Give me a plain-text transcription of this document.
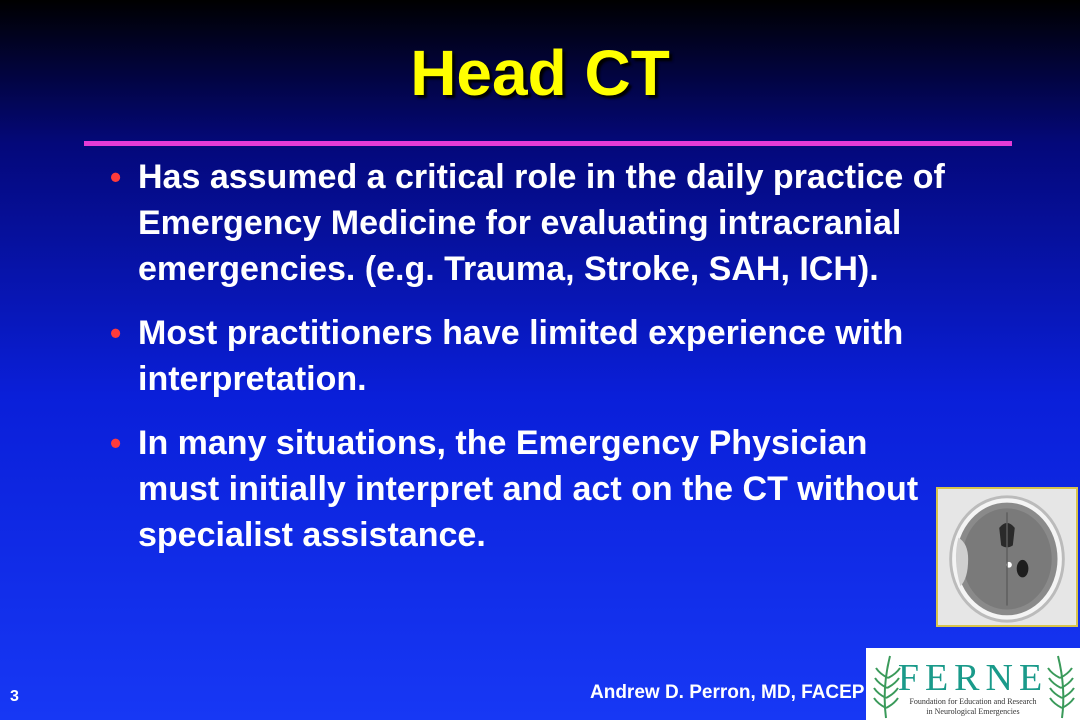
Head CT
• Has assumed a critical role in the daily practice of Emergency Medicine for evaluating intracranial emergencies. (e.g. Trauma, Stroke, SAH, ICH).
• Most practitioners have limited experience with interpretation.
• In many situations, the Emergency Physician must initially interpret and act on the CT without specialist assistance.
3	Andrew D. Perron, MD, FACEP FERNE
Foundation for Education and Research
in Neurological Emergencies
